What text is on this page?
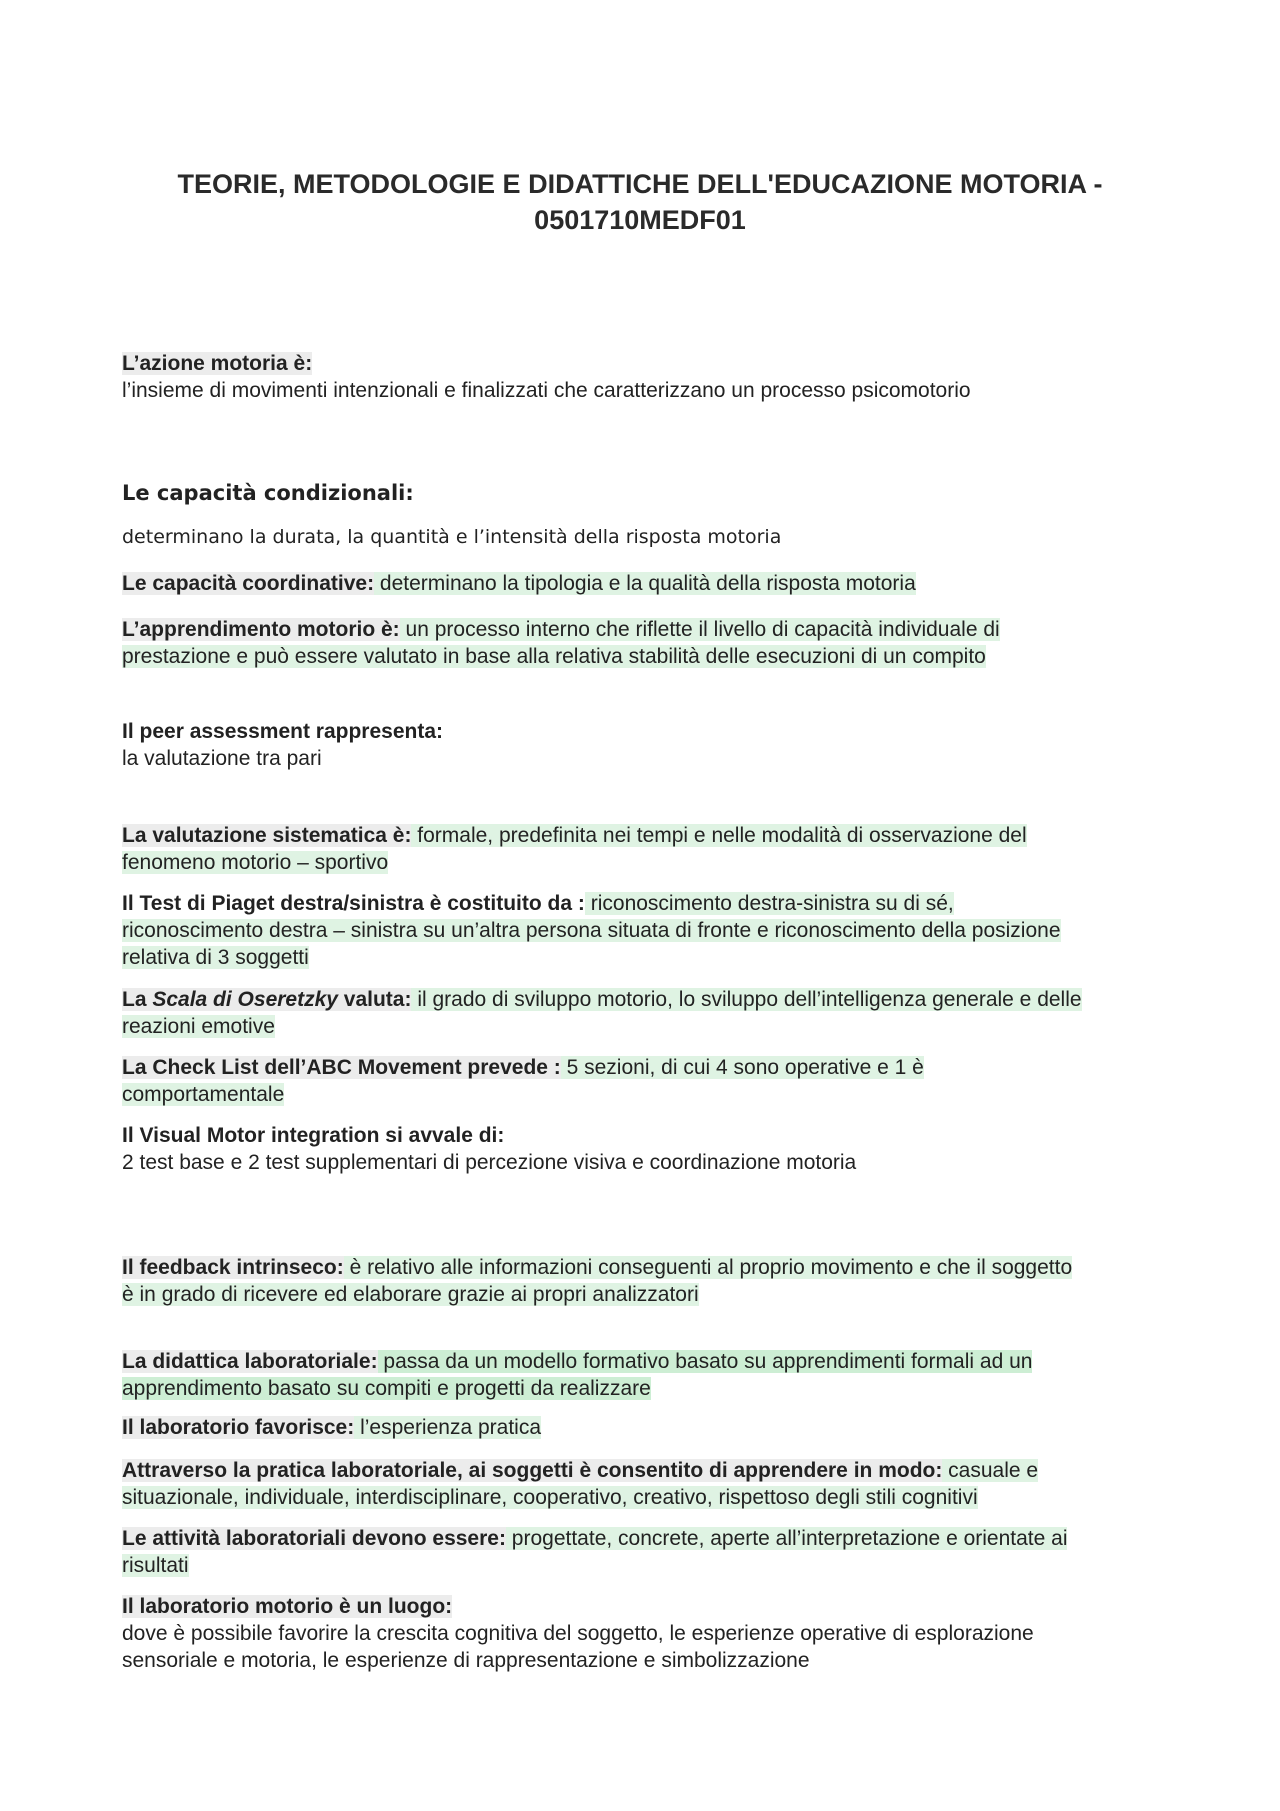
TEORIE, METODOLOGIE E DIDATTICHE DELL'EDUCAZIONE MOTORIA -
0501710MEDF01
L’azione motoria è:
l’insieme di movimenti intenzionali e finalizzati che caratterizzano un processo psicomotorio
Le capacità condizionali:
determinano la durata, la quantità e l’intensità della risposta motoria
Le capacità coordinative: determinano la tipologia e la qualità della risposta motoria
L’apprendimento motorio è: un processo interno che riflette il livello di capacità individuale di
prestazione e può essere valutato in base alla relativa stabilità delle esecuzioni di un compito
Il peer assessment rappresenta:
la valutazione tra pari
La valutazione sistematica è: formale, predefinita nei tempi e nelle modalità di osservazione del
fenomeno motorio – sportivo
Il Test di Piaget destra/sinistra è costituito da : riconoscimento destra-sinistra su di sé,
riconoscimento destra – sinistra su un’altra persona situata di fronte e riconoscimento della posizione
relativa di 3 soggetti
La Scala di Oseretzky valuta: il grado di sviluppo motorio, lo sviluppo dell’intelligenza generale e delle
reazioni emotive
La Check List dell’ABC Movement prevede : 5 sezioni, di cui 4 sono operative e 1 è
comportamentale
Il Visual Motor integration si avvale di:
2 test base e 2 test supplementari di percezione visiva e coordinazione motoria
Il feedback intrinseco: è relativo alle informazioni conseguenti al proprio movimento e che il soggetto
è in grado di ricevere ed elaborare grazie ai propri analizzatori
La didattica laboratoriale: passa da un modello formativo basato su apprendimenti formali ad un
apprendimento basato su compiti e progetti da realizzare
Il laboratorio favorisce: l’esperienza pratica
Attraverso la pratica laboratoriale, ai soggetti è consentito di apprendere in modo: casuale e
situazionale, individuale, interdisciplinare, cooperativo, creativo, rispettoso degli stili cognitivi
Le attività laboratoriali devono essere: progettate, concrete, aperte all’interpretazione e orientate ai
risultati
Il laboratorio motorio è un luogo:
dove è possibile favorire la crescita cognitiva del soggetto, le esperienze operative di esplorazione
sensoriale e motoria, le esperienze di rappresentazione e simbolizzazione
